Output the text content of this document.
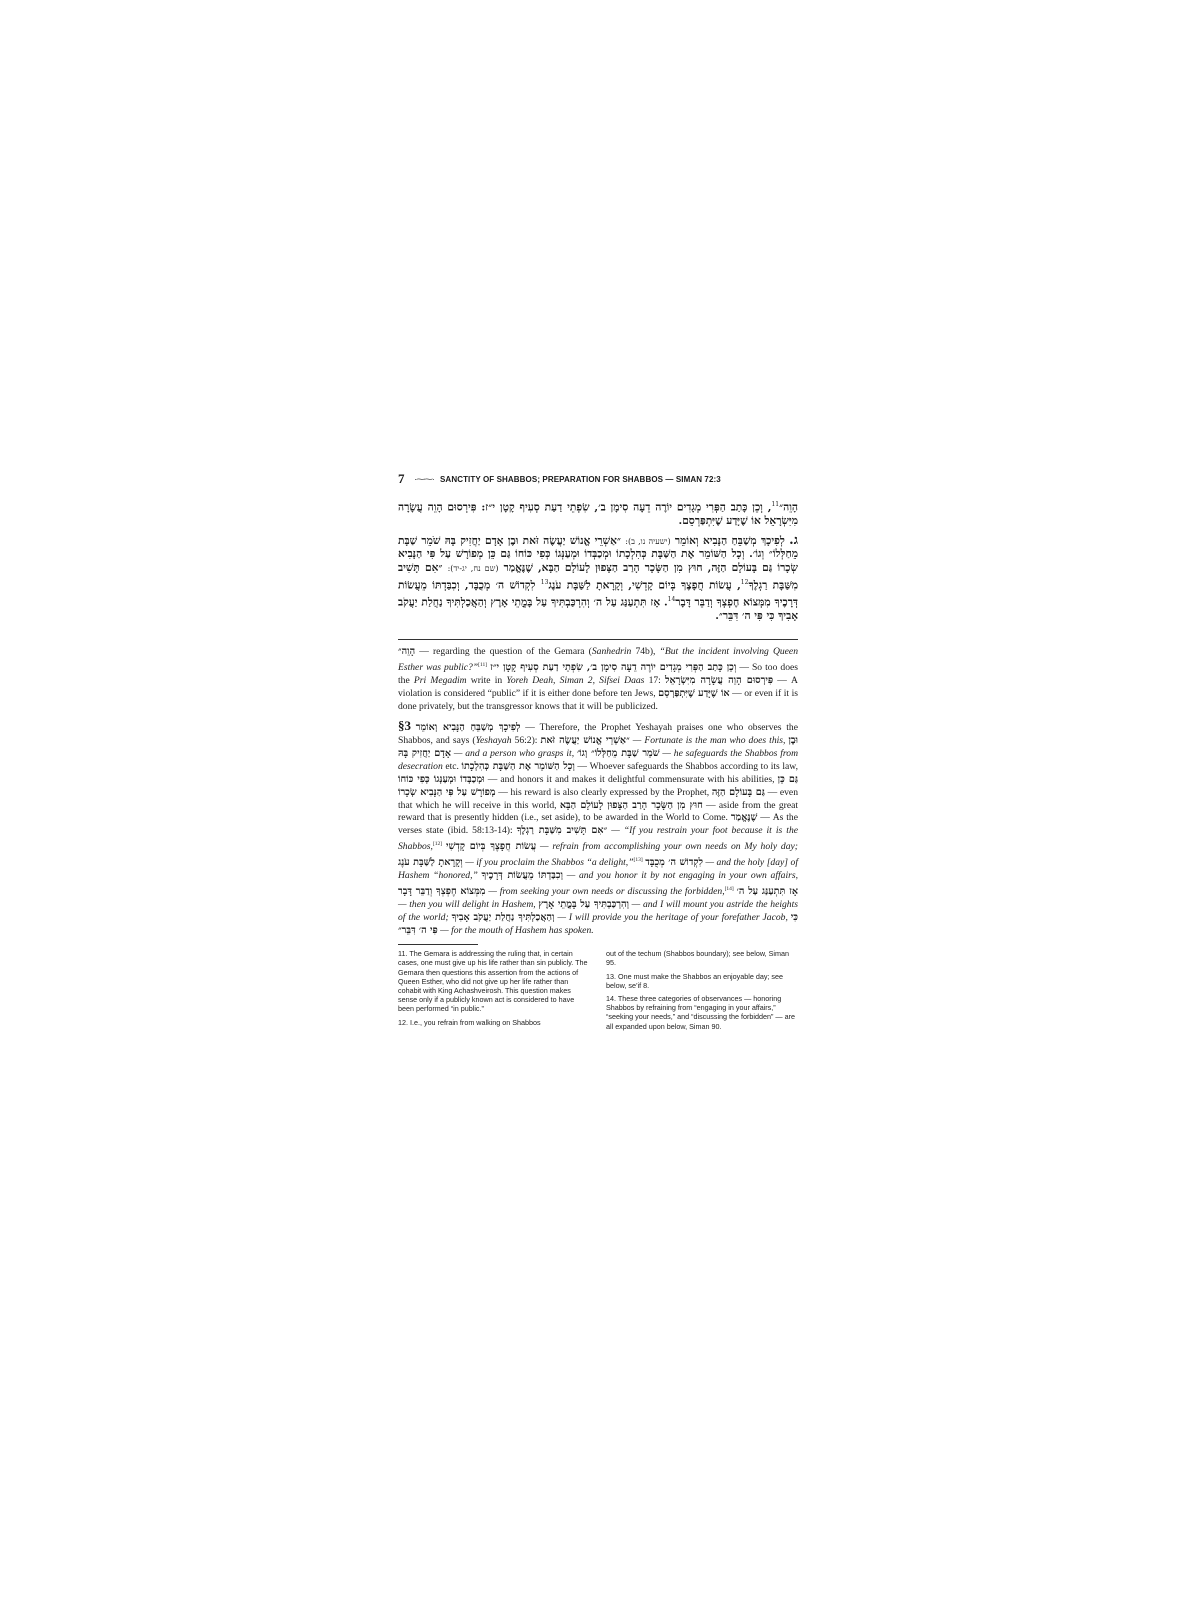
7	·⁓⁓· SANCTITY OF SHABBOS; PREPARATION FOR SHABBOS — SIMAN 72:3

הָוֵה״$^{11}$, וְכֵן כָּתַב הַפְּרִי מְגָדִים יוֹרֶה דֵעָה סִימָן ב׳, שִׂפְתֵי דַעַת סְעִיף קָטָן י״ז: פִּירְסוּם הָוֵה עֲשָׂרָה מִיִּשְׂרָאֵל אוֹ שֶׁיָּדַע שֶׁיִּתְפַּרְסֵם.

ג. לְפִיכָךְ מְשַׁבֵּחַ הַנָּבִיא וְאוֹמֵר (ישעיה נו, ב): ״אַשְׁרֵי אֱנוֹשׁ יַעֲשֶׂה זֹּאת וּבֶן אָדָם יַחֲזִיק בָּהּ שֹׁמֵר שַׁבָּת מֵחַלְּלוֹ״ וְגוֹ׳. וְכָל הַשּׁוֹמֵר אֶת הַשַּׁבָּת כְּהִלְכָתוֹ וּמְכַבְּדוֹ וּמְעַנְּגוֹ כְּפִי כּוֹחוֹ גַּם כֵּן מְפוֹרָשׁ עַל פִּי הַנָּבִיא שְׂכָרוֹ גַּם בָּעוֹלָם הַזֶּה, חוּץ מִן הַשָּׂכָר הָרַב הַצָּפוּן לָעוֹלָם הַבָּא, שֶׁנֶּאֱמַר (שם נח, יג-יד): ״אִם תָּשִׁיב מִשַּׁבָּת רַגְלֶךָ$^{12}$, עֲשׂוֹת חֲפָצֶךָ בְּיוֹם קָדְשִׁי, וְקָרָאתָ לַשַּׁבָּת עֹנֶג$^{13}$ לִקְדוֹשׁ ה׳ מְכֻבָּד, וְכִבַּדְתּוֹ מֵעֲשׂוֹת דְּרָכֶיךָ מִמְּצוֹא חֶפְצְךָ וְדַבֵּר דָּבָר$^{14}$. אָז תִּתְעַנַּג עַל ה׳ וְהִרְכַּבְתִּיךָ עַל בָּמֳתֵי אָרֶץ וְהַאֲכַלְתִּיךָ נַחֲלַת יַעֲקֹב אָבִיךָ כִּי פִּי ה׳ דִּבֵּר״.

הָוֵה״ — regarding the question of the Gemara (Sanhedrin 74b), “But the incident involving Queen Esther was public?”[11] וְכֵן כָּתַב הַפְּרִי מְגָדִים יוֹרֶה דֵעָה סִימָן ב׳, שִׂפְתֵי דַעַת סְעִיף קָטָן י״ז — So too does the Pri Megadim write in Yoreh Deah, Siman 2, Sifsei Daas 17: פִּירְסוּם הָוֵה עֲשָׂרָה מִיִּשְׂרָאֵל — A violation is considered “public” if it is either done before ten Jews, אוֹ שֶׁיָּדַע שֶׁיִּתְפַּרְסֵם — or even if it is done privately, but the transgressor knows that it will be publicized.

§3 לְפִיכָךְ מְשַׁבֵּחַ הַנָּבִיא וְאוֹמֵר — Therefore, the Prophet Yeshayah praises one who observes the Shabbos, and says (Yeshayah 56:2): ״אַשְׁרֵי אֱנוֹשׁ יַעֲשֶׂה זֹּאת — Fortunate is the man who does this, וּבֶן אָדָם יַחֲזִיק בָּהּ — and a person who grasps it, שֹׁמֵר שַׁבָּת מֵחַלְּלוֹ״ וְגוֹ׳ — he safeguards the Shabbos from desecration etc. וְכָל הַשּׁוֹמֵר אֶת הַשַּׁבָּת כְּהִלְכָתוֹ — Whoever safeguards the Shabbos according to its law, וּמְכַבְּדוֹ וּמְעַנְּגוֹ כְּפִי כּוֹחוֹ — and honors it and makes it delightful commensurate with his abilities, גַּם כֵּן מְפוֹרָשׁ עַל פִּי הַנָּבִיא שְׂכָרוֹ — his reward is also clearly expressed by the Prophet, גַּם בָּעוֹלָם הַזֶּה — even that which he will receive in this world, חוּץ מִן הַשָּׂכָר הָרַב הַצָּפוּן לָעוֹלָם הַבָּא — aside from the great reward that is presently hidden (i.e., set aside), to be awarded in the World to Come. שֶׁנֶּאֱמַר — As the verses state (ibid. 58:13-14): ״אִם תָּשִׁיב מִשַּׁבָּת רַגְלֶךָ — “If you restrain your foot because it is the Shabbos,[12] עֲשׂוֹת חֲפָצֶךָ בְּיוֹם קָדְשִׁי — refrain from accomplishing your own needs on My holy day; וְקָרָאתָ לַשַּׁבָּת עֹנֶג — if you proclaim the Shabbos “a delight,”[13] לִקְדוֹשׁ ה׳ מְכֻבָּד — and the holy [day] of Hashem “honored,” וְכִבַּדְתּוֹ מֵעֲשׂוֹת דְּרָכֶיךָ — and you honor it by not engaging in your own affairs, מִמְּצוֹא חֶפְצְךָ וְדַבֵּר דָּבָר — from seeking your own needs or discussing the forbidden,[14] אָז תִּתְעַנַּג עַל ה׳ — then you will delight in Hashem, וְהִרְכַּבְתִּיךָ עַל בָּמֳתֵי אָרֶץ — and I will mount you astride the heights of the world; וְהַאֲכַלְתִּיךָ נַחֲלַת יַעֲקֹב אָבִיךָ — I will provide you the heritage of your forefather Jacob, כִּי פִּי ה׳ דִּבֵּר״ — for the mouth of Hashem has spoken.

11. The Gemara is addressing the ruling that, in certain cases, one must give up his life rather than sin publicly. The Gemara then questions this assertion from the actions of Queen Esther, who did not give up her life rather than cohabit with King Achashveirosh. This question makes sense only if a publicly known act is considered to have been performed “in public.”

12. I.e., you refrain from walking on Shabbos

out of the techum (Shabbos boundary); see below, Siman 95.

13. One must make the Shabbos an enjoyable day; see below, se’if 8.

14. These three categories of observances — honoring Shabbos by refraining from “engaging in your affairs,” “seeking your needs,” and “discussing the forbidden” — are all expanded upon below, Siman 90.
